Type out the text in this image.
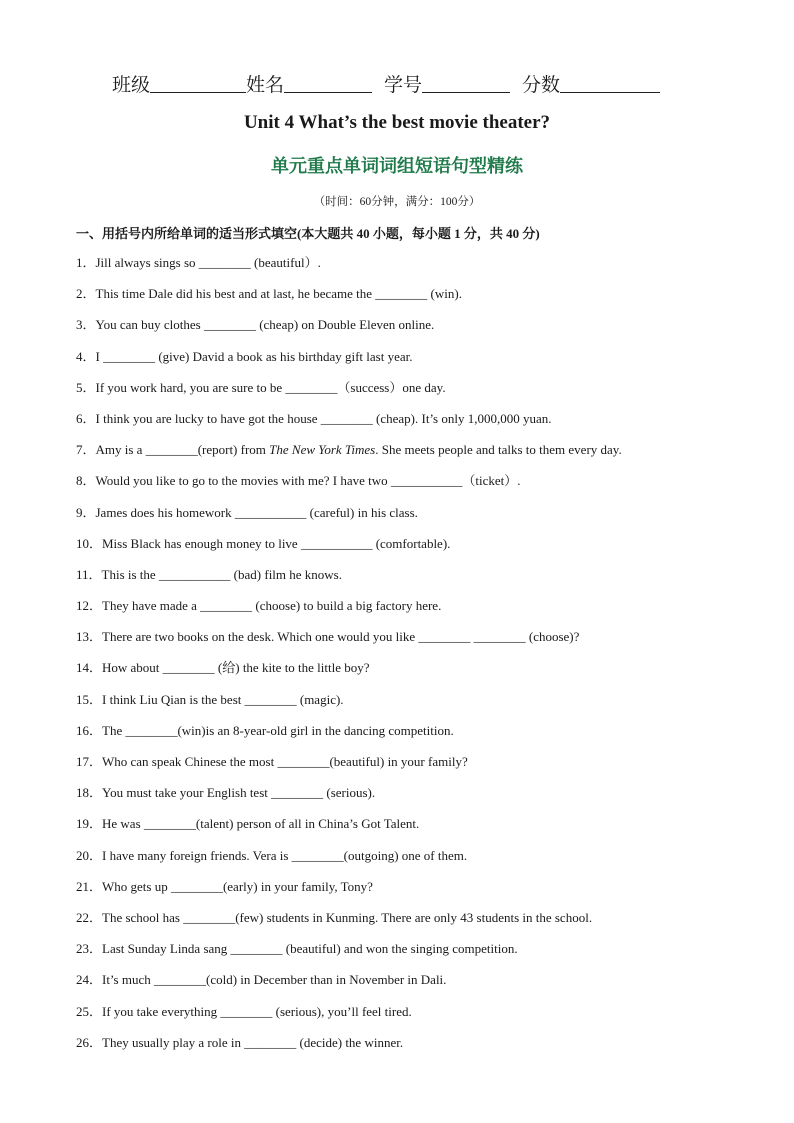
班级	姓名	学号	分数
Unit 4 What’s the best movie theater?
单元重点单词词组短语句型精练
（时间：60分钟，满分：100分）
一、用括号内所给单词的适当形式填空(本大题共 40 小题，每小题 1 分，共 40 分)
1．Jill always sings so ________ (beautiful）.
2．This time Dale did his best and at last, he became the ________ (win).
3．You can buy clothes ________ (cheap) on Double Eleven online.
4．I ________ (give) David a book as his birthday gift last year.
5．If you work hard, you are sure to be ________（success）one day.
6．I think you are lucky to have got the house ________ (cheap). It’s only 1,000,000 yuan.
7．Amy is a ________(report) from The New York Times. She meets people and talks to them every day.
8．Would you like to go to the movies with me? I have two ___________（ticket）.
9．James does his homework ___________ (careful) in his class.
10．Miss Black has enough money to live ___________ (comfortable).
11．This is the ___________ (bad) film he knows.
12．They have made a ________ (choose) to build a big factory here.
13．There are two books on the desk. Which one would you like ________ ________ (choose)?
14．How about ________ (给) the kite to the little boy?
15．I think Liu Qian is the best ________ (magic).
16．The ________(win)is an 8-year-old girl in the dancing competition.
17．Who can speak Chinese the most ________(beautiful) in your family?
18．You must take your English test ________ (serious).
19．He was ________(talent) person of all in China’s Got Talent.
20．I have many foreign friends. Vera is ________(outgoing) one of them.
21．Who gets up ________(early) in your family, Tony?
22．The school has ________(few) students in Kunming. There are only 43 students in the school.
23．Last Sunday Linda sang ________ (beautiful) and won the singing competition.
24．It’s much ________(cold) in December than in November in Dali.
25．If you take everything ________ (serious), you’ll feel tired.
26．They usually play a role in ________ (decide) the winner.
